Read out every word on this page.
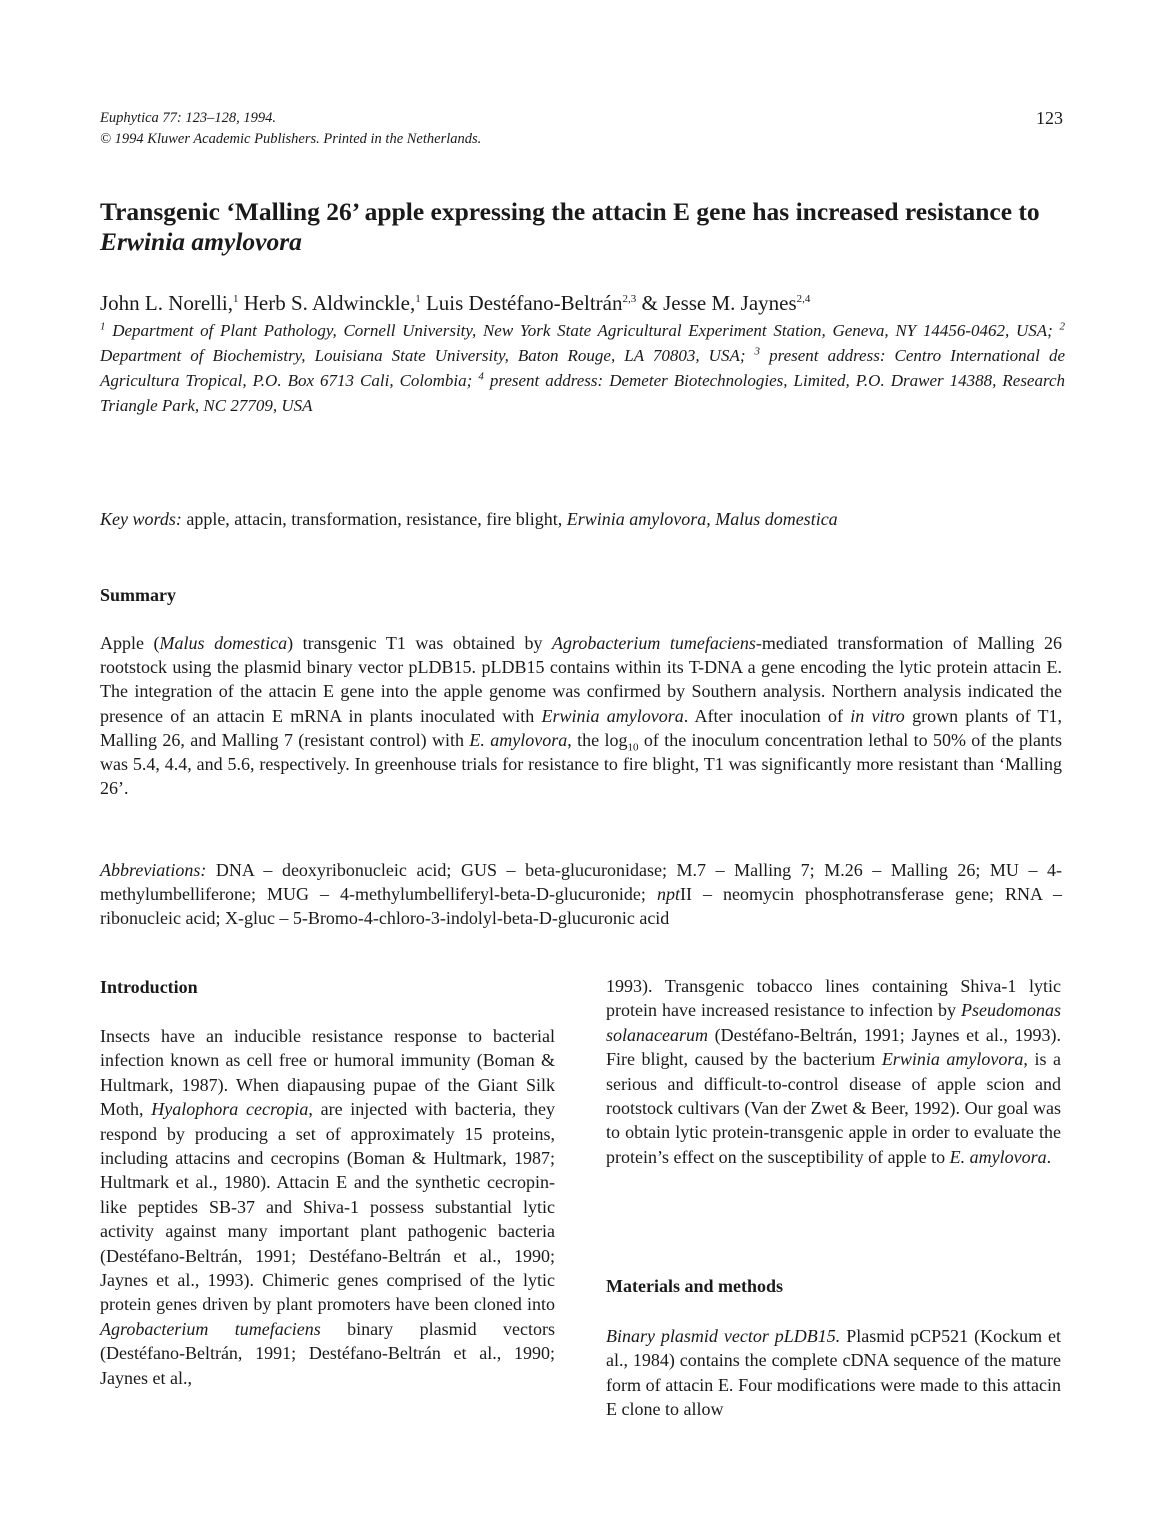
Euphytica 77: 123–128, 1994.
© 1994 Kluwer Academic Publishers. Printed in the Netherlands.
123
Transgenic ‘Malling 26’ apple expressing the attacin E gene has increased resistance to Erwinia amylovora
John L. Norelli,$^1$ Herb S. Aldwinckle,$^1$ Luis Destéfano-Beltrán$^{2,3}$ & Jesse M. Jaynes$^{2,4}$
$^1$ Department of Plant Pathology, Cornell University, New York State Agricultural Experiment Station, Geneva, NY 14456-0462, USA; $^2$ Department of Biochemistry, Louisiana State University, Baton Rouge, LA 70803, USA; $^3$ present address: Centro International de Agricultura Tropical, P.O. Box 6713 Cali, Colombia; $^4$ present address: Demeter Biotechnologies, Limited, P.O. Drawer 14388, Research Triangle Park, NC 27709, USA
Key words: apple, attacin, transformation, resistance, fire blight, Erwinia amylovora, Malus domestica
Summary
Apple (Malus domestica) transgenic T1 was obtained by Agrobacterium tumefaciens-mediated transformation of Malling 26 rootstock using the plasmid binary vector pLDB15. pLDB15 contains within its T-DNA a gene encoding the lytic protein attacin E. The integration of the attacin E gene into the apple genome was confirmed by Southern analysis. Northern analysis indicated the presence of an attacin E mRNA in plants inoculated with Erwinia amylovora. After inoculation of in vitro grown plants of T1, Malling 26, and Malling 7 (resistant control) with E. amylovora, the $\log_{10}$ of the inoculum concentration lethal to 50% of the plants was 5.4, 4.4, and 5.6, respectively. In greenhouse trials for resistance to fire blight, T1 was significantly more resistant than ‘Malling 26’.
Abbreviations: DNA – deoxyribonucleic acid; GUS – beta-glucuronidase; M.7 – Malling 7; M.26 – Malling 26; MU – 4-methylumbelliferone; MUG – 4-methylumbelliferyl-beta-D-glucuronide; nptII – neomycin phosphotransferase gene; RNA – ribonucleic acid; X-gluc – 5-Bromo-4-chloro-3-indolyl-beta-D-glucuronic acid
Introduction
Insects have an inducible resistance response to bacterial infection known as cell free or humoral immunity (Boman & Hultmark, 1987). When diapausing pupae of the Giant Silk Moth, Hyalophora cecropia, are injected with bacteria, they respond by producing a set of approximately 15 proteins, including attacins and cecropins (Boman & Hultmark, 1987; Hultmark et al., 1980). Attacin E and the synthetic cecropin-like peptides SB-37 and Shiva-1 possess substantial lytic activity against many important plant pathogenic bacteria (Destéfano-Beltrán, 1991; Destéfano-Beltrán et al., 1990; Jaynes et al., 1993). Chimeric genes comprised of the lytic protein genes driven by plant promoters have been cloned into Agrobacterium tumefaciens binary plasmid vectors (Destéfano-Beltrán, 1991; Destéfano-Beltrán et al., 1990; Jaynes et al.,
1993). Transgenic tobacco lines containing Shiva-1 lytic protein have increased resistance to infection by Pseudomonas solanacearum (Destéfano-Beltrán, 1991; Jaynes et al., 1993). Fire blight, caused by the bacterium Erwinia amylovora, is a serious and difficult-to-control disease of apple scion and rootstock cultivars (Van der Zwet & Beer, 1992). Our goal was to obtain lytic protein-transgenic apple in order to evaluate the protein’s effect on the susceptibility of apple to E. amylovora.
Materials and methods
Binary plasmid vector pLDB15. Plasmid pCP521 (Kockum et al., 1984) contains the complete cDNA sequence of the mature form of attacin E. Four modifications were made to this attacin E clone to allow
